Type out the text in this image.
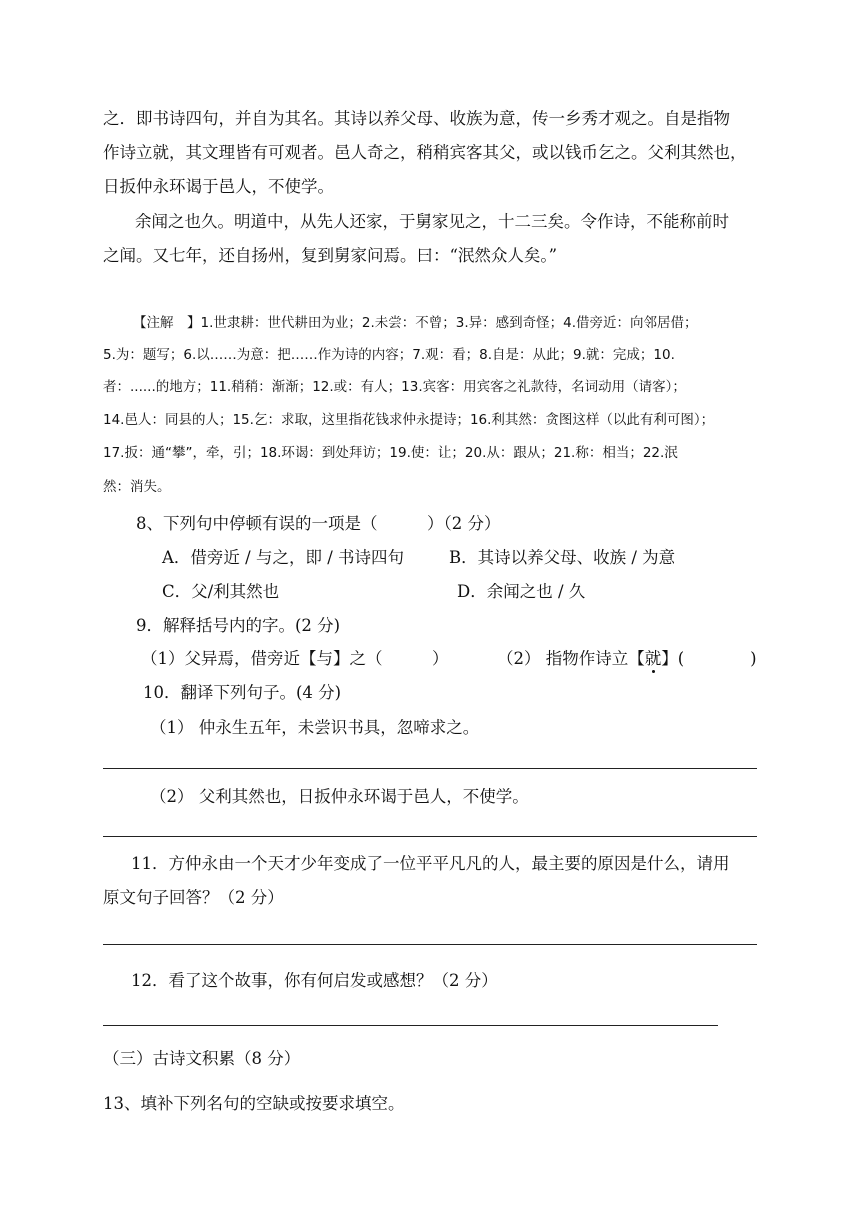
之．即书诗四句，并自为其名。其诗以养父母、收族为意，传一乡秀才观之。自是指物
作诗立就，其文理皆有可观者。邑人奇之，稍稍宾客其父，或以钱币乞之。父利其然也，
日扳仲永环谒于邑人，不使学。
余闻之也久。明道中，从先人还家，于舅家见之，十二三矣。令作诗，不能称前时
之闻。又七年，还自扬州，复到舅家问焉。曰：“泯然众人矣。”
【注解　】1.世隶耕：世代耕田为业；2.未尝：不曾；3.异：感到奇怪；4.借旁近：向邻居借；
5.为：题写；6.以……为意：把……作为诗的内容；7.观：看；8.自是：从此；9.就：完成；10.
者：......的地方；11.稍稍：渐渐；12.或：有人；13.宾客：用宾客之礼款待，名词动用（请客）；
14.邑人：同县的人；15.乞：求取，这里指花钱求仲永提诗；16.利其然：贪图这样（以此有利可图）；
17.扳：通“攀”，牵，引；18.环谒：到处拜访；19.使：让；20.从：跟从；21.称：相当；22.泯
然：消失。
8、下列句中停顿有误的一项是（　　　）（2 分）
A．借旁近 / 与之，即 / 书诗四句	B．其诗以养父母、收族 / 为意
C．父/利其然也	D．余闻之也 / 久
9．解释括号内的字。(2 分)
（1）父异焉，借旁近【与】之（　　　）	（2） 指物作诗立【就】(　　　　)
10．翻译下列句子。(4 分)
（1） 仲永生五年，未尝识书具，忽啼求之。
（2） 父利其然也，日扳仲永环谒于邑人，不使学。
11．方仲永由一个天才少年变成了一位平平凡凡的人，最主要的原因是什么，请用
原文句子回答？（2 分）
12．看了这个故事，你有何启发或感想？（2 分）
（三）古诗文积累（8 分）
13、填补下列名句的空缺或按要求填空。
